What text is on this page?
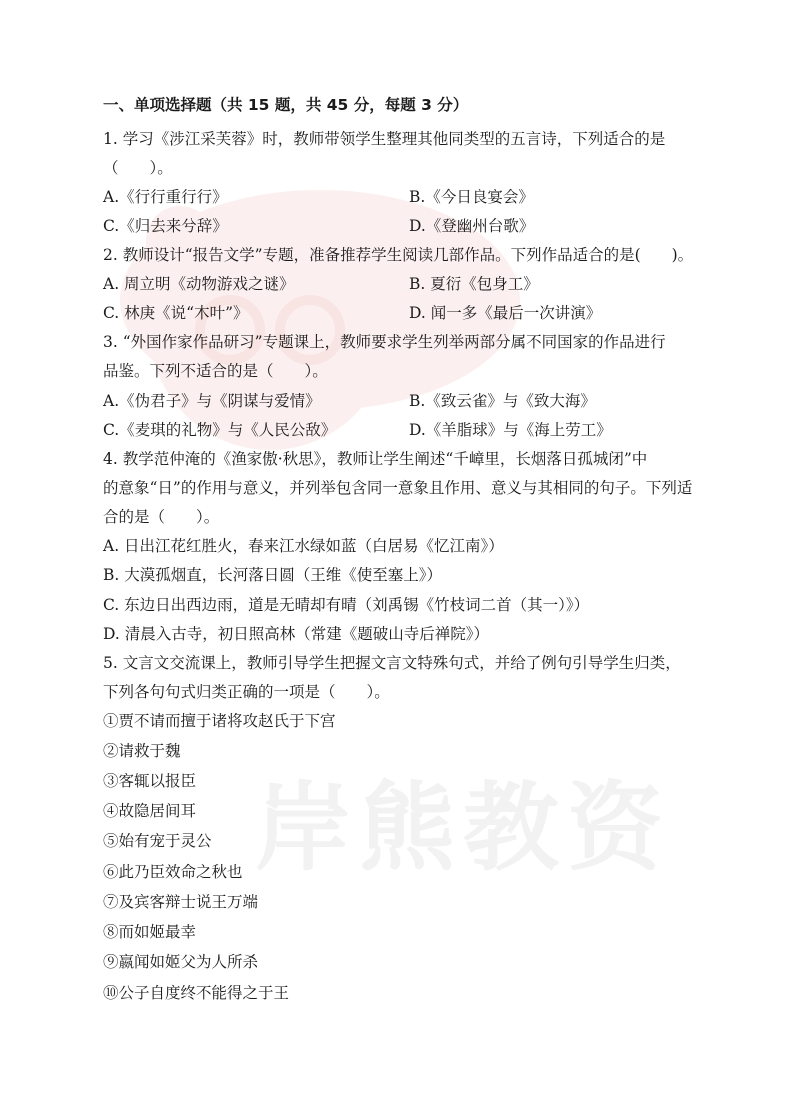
岸熊教资
一、单项选择题（共 15 题，共 45 分，每题 3 分）
1. 学习《涉江采芙蓉》时，教师带领学生整理其他同类型的五言诗，下列适合的是
（　　）。
A.《行行重行行》	B.《今日良宴会》
C.《归去来兮辞》	D.《登幽州台歌》
2. 教师设计“报告文学”专题，准备推荐学生阅读几部作品。下列作品适合的是(　　)。
A. 周立明《动物游戏之谜》	B. 夏衍《包身工》
C. 林庚《说“木叶”》	D. 闻一多《最后一次讲演》
3. “外国作家作品研习”专题课上，教师要求学生列举两部分属不同国家的作品进行
品鉴。下列不适合的是（　　）。
A.《伪君子》与《阴谋与爱情》	B.《致云雀》与《致大海》
C.《麦琪的礼物》与《人民公敌》	D.《羊脂球》与《海上劳工》
4. 教学范仲淹的《渔家傲·秋思》，教师让学生阐述“千嶂里，长烟落日孤城闭”中
的意象“日”的作用与意义，并列举包含同一意象且作用、意义与其相同的句子。下列适
合的是（　　）。
A. 日出江花红胜火，春来江水绿如蓝（白居易《忆江南》）
B. 大漠孤烟直，长河落日圆（王维《使至塞上》）
C. 东边日出西边雨，道是无晴却有晴（刘禹锡《竹枝词二首（其一）》）
D. 清晨入古寺，初日照高林（常建《题破山寺后禅院》）
5. 文言文交流课上，教师引导学生把握文言文特殊句式，并给了例句引导学生归类，
下列各句句式归类正确的一项是（　　）。
①贾不请而擅于诸将攻赵氏于下宫
②请救于魏
③客辄以报臣
④故隐居间耳
⑤始有宠于灵公
⑥此乃臣效命之秋也
⑦及宾客辩士说王万端
⑧而如姬最幸
⑨嬴闻如姬父为人所杀
⑩公子自度终不能得之于王
